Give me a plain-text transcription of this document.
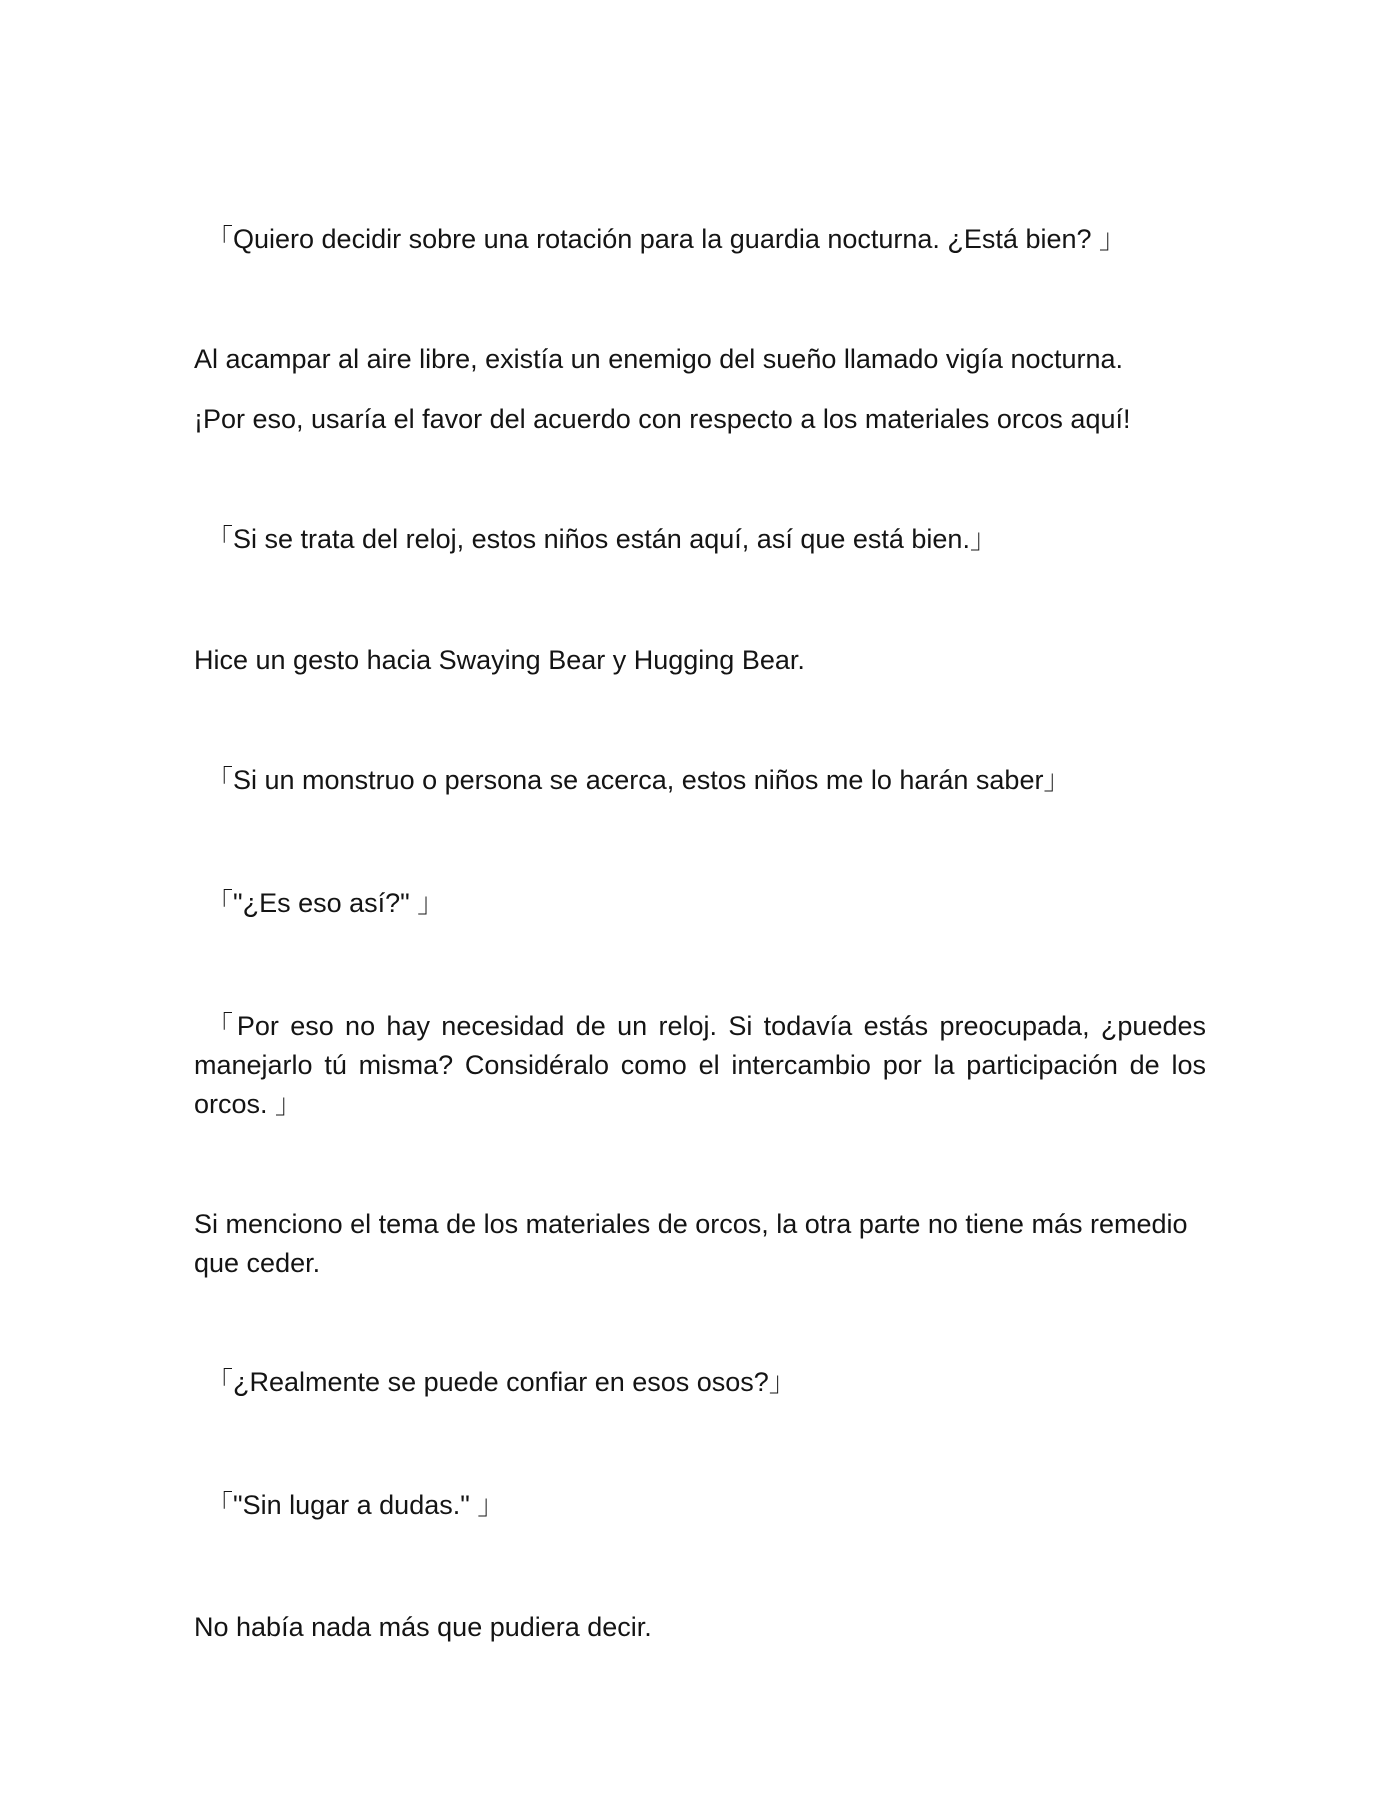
「Quiero decidir sobre una rotación para la guardia nocturna. ¿Está bien? 」

Al acampar al aire libre, existía un enemigo del sueño llamado vigía nocturna.

¡Por eso, usaría el favor del acuerdo con respecto a los materiales orcos aquí!

「Si se trata del reloj, estos niños están aquí, así que está bien.」

Hice un gesto hacia Swaying Bear y Hugging Bear.

「Si un monstruo o persona se acerca, estos niños me lo harán saber」

「"¿Es eso así?" 」

「Por eso no hay necesidad de un reloj. Si todavía estás preocupada, ¿puedes manejarlo tú misma? Considéralo como el intercambio por la participación de los orcos. 」

Si menciono el tema de los materiales de orcos, la otra parte no tiene más remedio que ceder.

「¿Realmente se puede confiar en esos osos?」

「"Sin lugar a dudas." 」

No había nada más que pudiera decir.
